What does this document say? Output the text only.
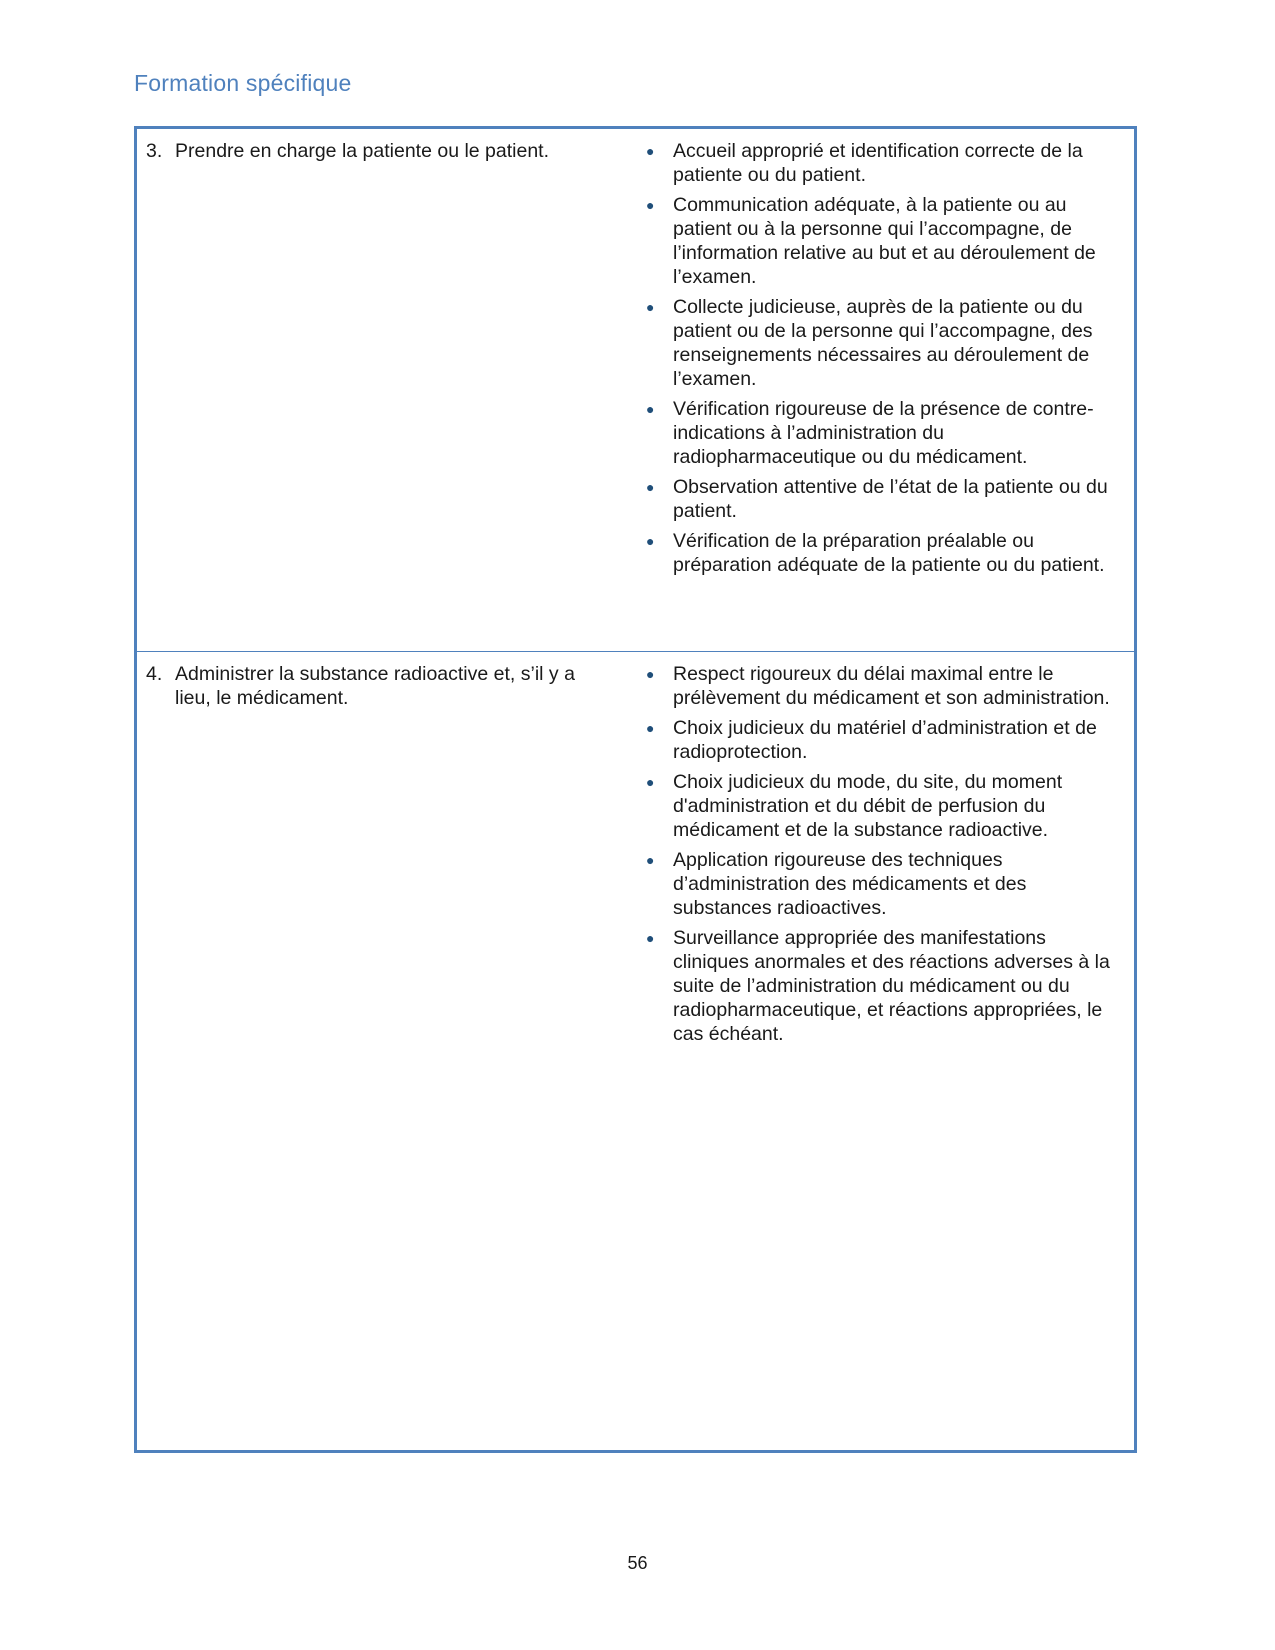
Formation spécifique
3. Prendre en charge la patiente ou le patient.	● Accueil approprié et identification correcte de la patiente ou du patient.
● Communication adéquate, à la patiente ou au patient ou à la personne qui l’accompagne, de l’information relative au but et au déroulement de l’examen.
● Collecte judicieuse, auprès de la patiente ou du patient ou de la personne qui l’accompagne, des renseignements nécessaires au déroulement de l’examen.
● Vérification rigoureuse de la présence de contre-indications à l’administration du radiopharmaceutique ou du médicament.
● Observation attentive de l’état de la patiente ou du patient.
● Vérification de la préparation préalable ou préparation adéquate de la patiente ou du patient.
4. Administrer la substance radioactive et, s’il y a lieu, le médicament.
● Respect rigoureux du délai maximal entre le prélèvement du médicament et son administration.
● Choix judicieux du matériel d’administration et de radioprotection.
● Choix judicieux du mode, du site, du moment d'administration et du débit de perfusion du médicament et de la substance radioactive.
● Application rigoureuse des techniques d’administration des médicaments et des substances radioactives.
● Surveillance appropriée des manifestations cliniques anormales et des réactions adverses à la suite de l’administration du médicament ou du radiopharmaceutique, et réactions appropriées, le cas échéant.
56
